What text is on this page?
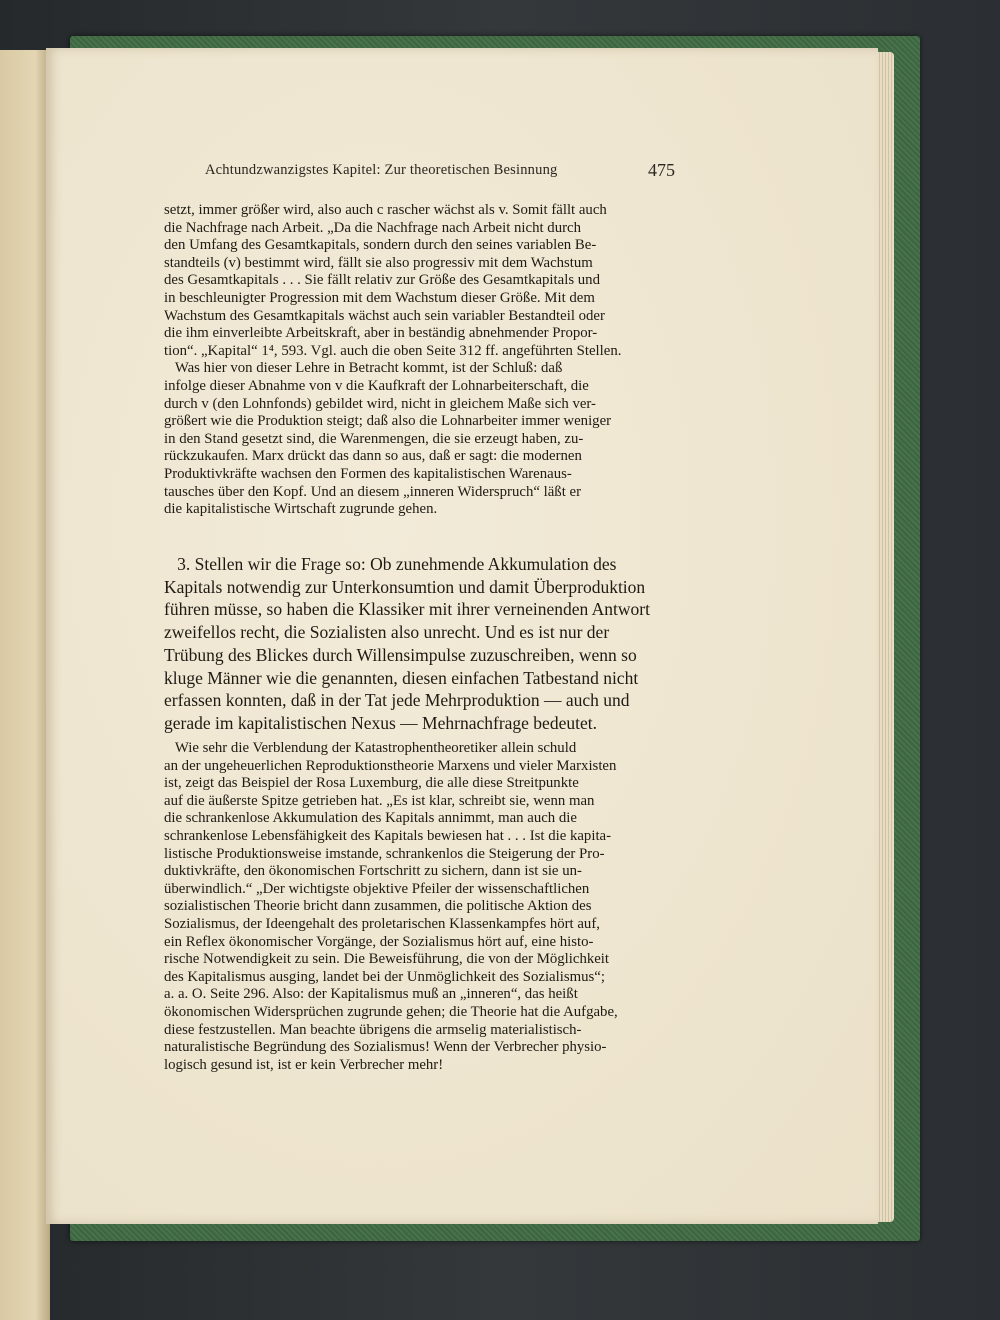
Achtundzwanzigstes Kapitel: Zur theoretischen Besinnung	475
setzt, immer größer wird, also auch c rascher wächst als v. Somit fällt auch
die Nachfrage nach Arbeit. „Da die Nachfrage nach Arbeit nicht durch
den Umfang des Gesamtkapitals, sondern durch den seines variablen Be-
standteils (v) bestimmt wird, fällt sie also progressiv mit dem Wachstum
des Gesamtkapitals . . . Sie fällt relativ zur Größe des Gesamtkapitals und
in beschleunigter Progression mit dem Wachstum dieser Größe. Mit dem
Wachstum des Gesamtkapitals wächst auch sein variabler Bestandteil oder
die ihm einverleibte Arbeitskraft, aber in beständig abnehmender Propor-
tion“. „Kapital“ 1⁴, 593. Vgl. auch die oben Seite 312 ff. angeführten Stellen.
Was hier von dieser Lehre in Betracht kommt, ist der Schluß: daß
infolge dieser Abnahme von v die Kaufkraft der Lohnarbeiterschaft, die
durch v (den Lohnfonds) gebildet wird, nicht in gleichem Maße sich ver-
größert wie die Produktion steigt; daß also die Lohnarbeiter immer weniger
in den Stand gesetzt sind, die Warenmengen, die sie erzeugt haben, zu-
rückzukaufen. Marx drückt das dann so aus, daß er sagt: die modernen
Produktivkräfte wachsen den Formen des kapitalistischen Warenaus-
tausches über den Kopf. Und an diesem „inneren Widerspruch“ läßt er
die kapitalistische Wirtschaft zugrunde gehen.
3. Stellen wir die Frage so: Ob zunehmende Akkumulation des
Kapitals notwendig zur Unterkonsumtion und damit Überproduktion
führen müsse, so haben die Klassiker mit ihrer verneinenden Antwort
zweifellos recht, die Sozialisten also unrecht. Und es ist nur der
Trübung des Blickes durch Willensimpulse zuzuschreiben, wenn so
kluge Männer wie die genannten, diesen einfachen Tatbestand nicht
erfassen konnten, daß in der Tat jede Mehrproduktion — auch und
gerade im kapitalistischen Nexus — Mehrnachfrage bedeutet.
Wie sehr die Verblendung der Katastrophentheoretiker allein schuld
an der ungeheuerlichen Reproduktionstheorie Marxens und vieler Marxisten
ist, zeigt das Beispiel der Rosa Luxemburg, die alle diese Streitpunkte
auf die äußerste Spitze getrieben hat. „Es ist klar, schreibt sie, wenn man
die schrankenlose Akkumulation des Kapitals annimmt, man auch die
schrankenlose Lebensfähigkeit des Kapitals bewiesen hat . . . Ist die kapita-
listische Produktionsweise imstande, schrankenlos die Steigerung der Pro-
duktivkräfte, den ökonomischen Fortschritt zu sichern, dann ist sie un-
überwindlich.“ „Der wichtigste objektive Pfeiler der wissenschaftlichen
sozialistischen Theorie bricht dann zusammen, die politische Aktion des
Sozialismus, der Ideengehalt des proletarischen Klassenkampfes hört auf,
ein Reflex ökonomischer Vorgänge, der Sozialismus hört auf, eine histo-
rische Notwendigkeit zu sein. Die Beweisführung, die von der Möglichkeit
des Kapitalismus ausging, landet bei der Unmöglichkeit des Sozialismus“;
a. a. O. Seite 296. Also: der Kapitalismus muß an „inneren“, das heißt
ökonomischen Widersprüchen zugrunde gehen; die Theorie hat die Aufgabe,
diese festzustellen. Man beachte übrigens die armselig materialistisch-
naturalistische Begründung des Sozialismus! Wenn der Verbrecher physio-
logisch gesund ist, ist er kein Verbrecher mehr!
